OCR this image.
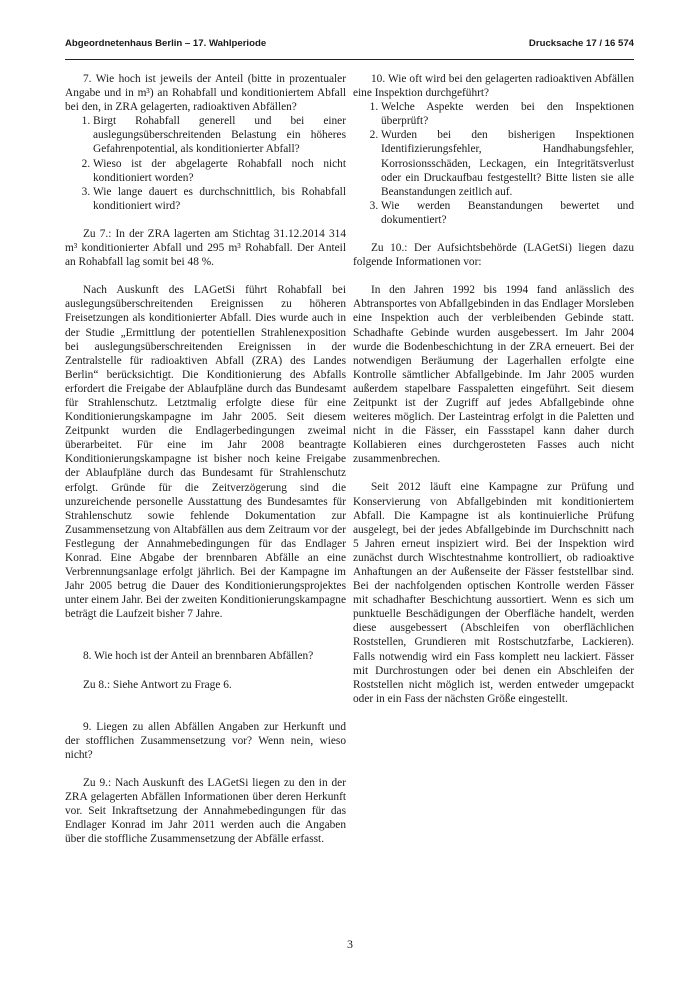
Abgeordnetenhaus Berlin – 17. Wahlperiode	Drucksache 17 / 16 574

7. Wie hoch ist jeweils der Anteil (bitte in prozentualer Angabe und in m³) an Rohabfall und konditioniertem Abfall bei den, in ZRA gelagerten, radioaktiven Abfällen?

1. Birgt Rohabfall generell und bei einer auslegungsüberschreitenden Belastung ein höheres Gefahrenpotential, als konditionierter Abfall?
2. Wieso ist der abgelagerte Rohabfall noch nicht konditioniert worden?
3. Wie lange dauert es durchschnittlich, bis Rohabfall konditioniert wird?

Zu 7.: In der ZRA lagerten am Stichtag 31.12.2014 314 m³ konditionierter Abfall und 295 m³ Rohabfall. Der Anteil an Rohabfall lag somit bei 48 %.

Nach Auskunft des LAGetSi führt Rohabfall bei auslegungsüberschreitenden Ereignissen zu höheren Freisetzungen als konditionierter Abfall. Dies wurde auch in der Studie „Ermittlung der potentiellen Strahlenexposition bei auslegungsüberschreitenden Ereignissen in der Zentralstelle für radioaktiven Abfall (ZRA) des Landes Berlin“ berücksichtigt. Die Konditionierung des Abfalls erfordert die Freigabe der Ablaufpläne durch das Bundesamt für Strahlenschutz. Letztmalig erfolgte diese für eine Konditionierungskampagne im Jahr 2005. Seit diesem Zeitpunkt wurden die Endlagerbedingungen zweimal überarbeitet. Für eine im Jahr 2008 beantragte Konditionierungskampagne ist bisher noch keine Freigabe der Ablaufpläne durch das Bundesamt für Strahlenschutz erfolgt. Gründe für die Zeitverzögerung sind die unzureichende personelle Ausstattung des Bundesamtes für Strahlenschutz sowie fehlende Dokumentation zur Zusammensetzung von Altabfällen aus dem Zeitraum vor der Festlegung der Annahmebedingungen für das Endlager Konrad. Eine Abgabe der brennbaren Abfälle an eine Verbrennungsanlage erfolgt jährlich. Bei der Kampagne im Jahr 2005 betrug die Dauer des Konditionierungsprojektes unter einem Jahr. Bei der zweiten Konditionierungskampagne beträgt die Laufzeit bisher 7 Jahre.

8. Wie hoch ist der Anteil an brennbaren Abfällen?

Zu 8.: Siehe Antwort zu Frage 6.

9. Liegen zu allen Abfällen Angaben zur Herkunft und der stofflichen Zusammensetzung vor? Wenn nein, wieso nicht?

Zu 9.: Nach Auskunft des LAGetSi liegen zu den in der ZRA gelagerten Abfällen Informationen über deren Herkunft vor. Seit Inkraftsetzung der Annahmebedingungen für das Endlager Konrad im Jahr 2011 werden auch die Angaben über die stoffliche Zusammensetzung der Abfälle erfasst.

10. Wie oft wird bei den gelagerten radioaktiven Abfällen eine Inspektion durchgeführt?

1. Welche Aspekte werden bei den Inspektionen überprüft?
2. Wurden bei den bisherigen Inspektionen Identifizierungsfehler, Handhabungsfehler, Korrosionsschäden, Leckagen, ein Integritätsverlust oder ein Druckaufbau festgestellt? Bitte listen sie alle Beanstandungen zeitlich auf.
3. Wie werden Beanstandungen bewertet und dokumentiert?

Zu 10.: Der Aufsichtsbehörde (LAGetSi) liegen dazu folgende Informationen vor:

In den Jahren 1992 bis 1994 fand anlässlich des Abtransportes von Abfallgebinden in das Endlager Morsleben eine Inspektion auch der verbleibenden Gebinde statt. Schadhafte Gebinde wurden ausgebessert. Im Jahr 2004 wurde die Bodenbeschichtung in der ZRA erneuert. Bei der notwendigen Beräumung der Lagerhallen erfolgte eine Kontrolle sämtlicher Abfallgebinde. Im Jahr 2005 wurden außerdem stapelbare Fasspaletten eingeführt. Seit diesem Zeitpunkt ist der Zugriff auf jedes Abfallgebinde ohne weiteres möglich. Der Lasteintrag erfolgt in die Paletten und nicht in die Fässer, ein Fassstapel kann daher durch Kollabieren eines durchgerosteten Fasses auch nicht zusammenbrechen.

Seit 2012 läuft eine Kampagne zur Prüfung und Konservierung von Abfallgebinden mit konditioniertem Abfall. Die Kampagne ist als kontinuierliche Prüfung ausgelegt, bei der jedes Abfallgebinde im Durchschnitt nach 5 Jahren erneut inspiziert wird. Bei der Inspektion wird zunächst durch Wischtestnahme kontrolliert, ob radioaktive Anhaftungen an der Außenseite der Fässer feststellbar sind. Bei der nachfolgenden optischen Kontrolle werden Fässer mit schadhafter Beschichtung aussortiert. Wenn es sich um punktuelle Beschädigungen der Oberfläche handelt, werden diese ausgebessert (Abschleifen von oberflächlichen Roststellen, Grundieren mit Rostschutzfarbe, Lackieren). Falls notwendig wird ein Fass komplett neu lackiert. Fässer mit Durchrostungen oder bei denen ein Abschleifen der Roststellen nicht möglich ist, werden entweder umgepackt oder in ein Fass der nächsten Größe eingestellt.

3
